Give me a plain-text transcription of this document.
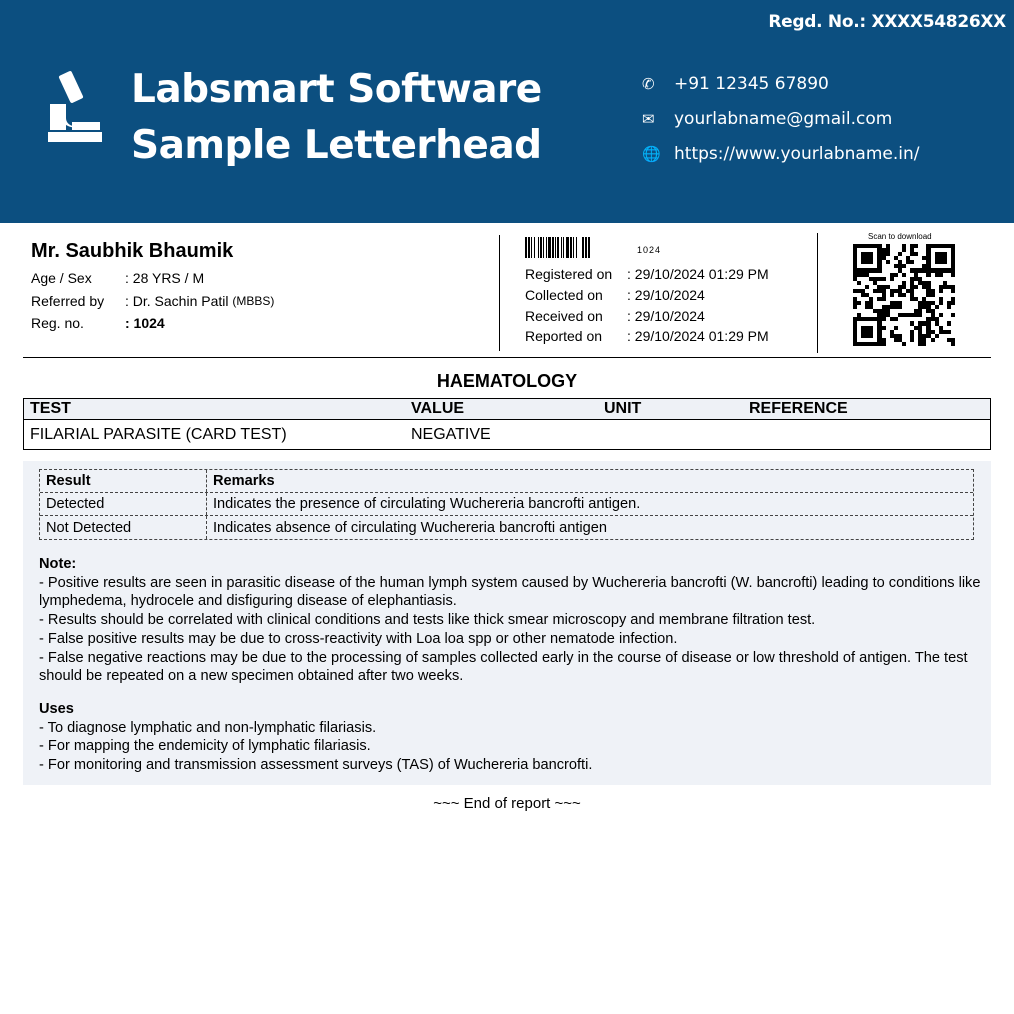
Regd. No.: XXXX54826XX
Labsmart Software
Sample Letterhead
✆	+91 12345 67890
✉	yourlabname@gmail.com
🌐 https://www.yourlabname.in/
Mr. Saubhik Bhaumik
Age / Sex	: 28 YRS / M
Referred by	: Dr. Sachin Patil
(MBBS)
Reg. no.	: 1024
1024
Registered on	: 29/10/2024 01:29 PM
Collected on	: 29/10/2024
Received on	: 29/10/2024
Reported on	: 29/10/2024 01:29 PM
Scan to download
HAEMATOLOGY
TEST	VALUE	UNIT	REFERENCE
FILARIAL PARASITE (CARD TEST)	NEGATIVE
Result	Remarks
Detected	Indicates the presence of circulating Wuchereria bancrofti antigen.
Not Detected	Indicates absence of circulating Wuchereria bancrofti antigen
Note:
- Positive results are seen in parasitic disease of the human lymph system caused by Wuchereria bancrofti (W. bancrofti) leading to conditions like lymphedema, hydrocele and disfiguring disease of elephantiasis.
- Results should be correlated with clinical conditions and tests like thick smear microscopy and membrane filtration test.
- False positive results may be due to cross-reactivity with Loa loa spp or other nematode infection.
- False negative reactions may be due to the processing of samples collected early in the course of disease or low threshold of antigen. The test should be repeated on a new specimen obtained after two weeks.
Uses
- To diagnose lymphatic and non-lymphatic filariasis.
- For mapping the endemicity of lymphatic filariasis.
- For monitoring and transmission assessment surveys (TAS) of Wuchereria bancrofti.
~~~ End of report ~~~
